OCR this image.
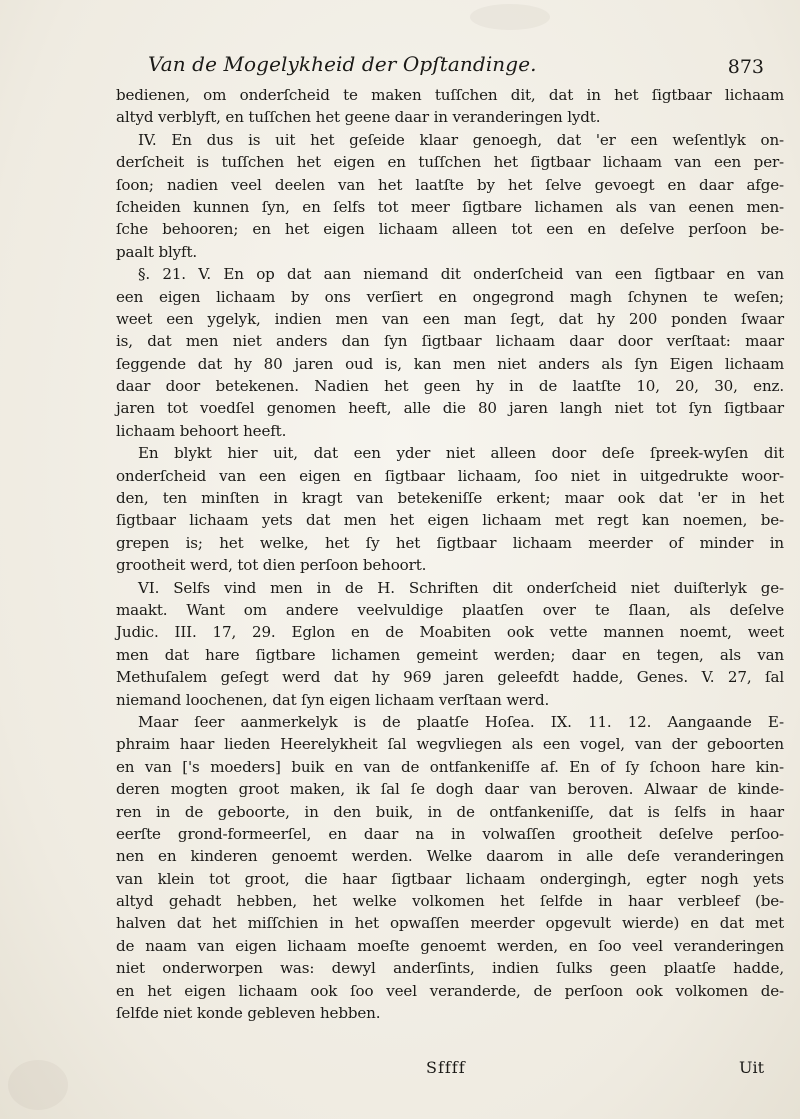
Van de Mogelykheid der Opſtandinge.	873
bedienen, om onderſcheid te maken tuſſchen dit, dat in het ſigtbaar lichaam
altyd verblyft, en tuſſchen het geene daar in veranderingen lydt.
IV. En dus is uit het geſeide klaar genoegh, dat 'er een weſentlyk on-
derſcheit is tuſſchen het eigen en tuſſchen het ſigtbaar lichaam van een per-
ſoon; nadien veel deelen van het laatſte by het ſelve gevoegt en daar afge-
ſcheiden kunnen ſyn, en ſelfs tot meer ſigtbare lichamen als van eenen men-
ſche behooren; en het eigen lichaam alleen tot een en deſelve perſoon be-
paalt blyft.
§. 21. V. En op dat aan niemand dit onderſcheid van een ſigtbaar en van
een eigen lichaam by ons verſiert en ongegrond magh ſchynen te weſen;
weet een ygelyk, indien men van een man ſegt, dat hy 200 ponden ſwaar
is, dat men niet anders dan ſyn ſigtbaar lichaam daar door verſtaat: maar
ſeggende dat hy 80 jaren oud is, kan men niet anders als ſyn Eigen lichaam
daar door betekenen. Nadien het geen hy in de laatſte 10, 20, 30, enz.
jaren tot voedſel genomen heeft, alle die 80 jaren langh niet tot ſyn ſigtbaar
lichaam behoort heeft.
En blykt hier uit, dat een yder niet alleen door deſe ſpreek-wyſen dit
onderſcheid van een eigen en ſigtbaar lichaam, ſoo niet in uitgedrukte woor-
den, ten minſten in kragt van betekeniſſe erkent; maar ook dat 'er in het
ſigtbaar lichaam yets dat men het eigen lichaam met regt kan noemen, be-
grepen is; het welke, het ſy het ſigtbaar lichaam meerder of minder in
grootheit werd, tot dien perſoon behoort.
VI. Selfs vind men in de H. Schriften dit onderſcheid niet duiſterlyk ge-
maakt. Want om andere veelvuldige plaatſen over te ſlaan, als deſelve
Judic. III. 17, 29. Eglon en de Moabiten ook vette mannen noemt, weet
men dat hare ſigtbare lichamen gemeint werden; daar en tegen, als van
Methuſalem geſegt werd dat hy 969 jaren geleefdt hadde, Genes. V. 27, ſal
niemand loochenen, dat ſyn eigen lichaam verſtaan werd.
Maar ſeer aanmerkelyk is de plaatſe Hoſea. IX. 11. 12. Aangaande E-
phraim haar lieden Heerelykheit ſal wegvliegen als een vogel, van der geboorten
en van ['s moeders] buik en van de ontfankeniſſe af. En of ſy ſchoon hare kin-
deren mogten groot maken, ik ſal ſe dogh daar van beroven. Alwaar de kinde-
ren in de geboorte, in den buik, in de ontfankeniſſe, dat is ſelfs in haar
eerſte grond-formeerſel, en daar na in volwaſſen grootheit deſelve perſoo-
nen en kinderen genoemt werden. Welke daarom in alle deſe veranderingen
van klein tot groot, die haar ſigtbaar lichaam ondergingh, egter nogh yets
altyd gehadt hebben, het welke volkomen het ſelfde in haar verbleef (be-
halven dat het miſſchien in het opwaſſen meerder opgevult wierde) en dat met
de naam van eigen lichaam moeſte genoemt werden, en ſoo veel veranderingen
niet onderworpen was: dewyl anderſints, indien ſulks geen plaatſe hadde,
en het eigen lichaam ook ſoo veel veranderde, de perſoon ook volkomen de-
ſelfde niet konde gebleven hebben.
Sffff	Uit
